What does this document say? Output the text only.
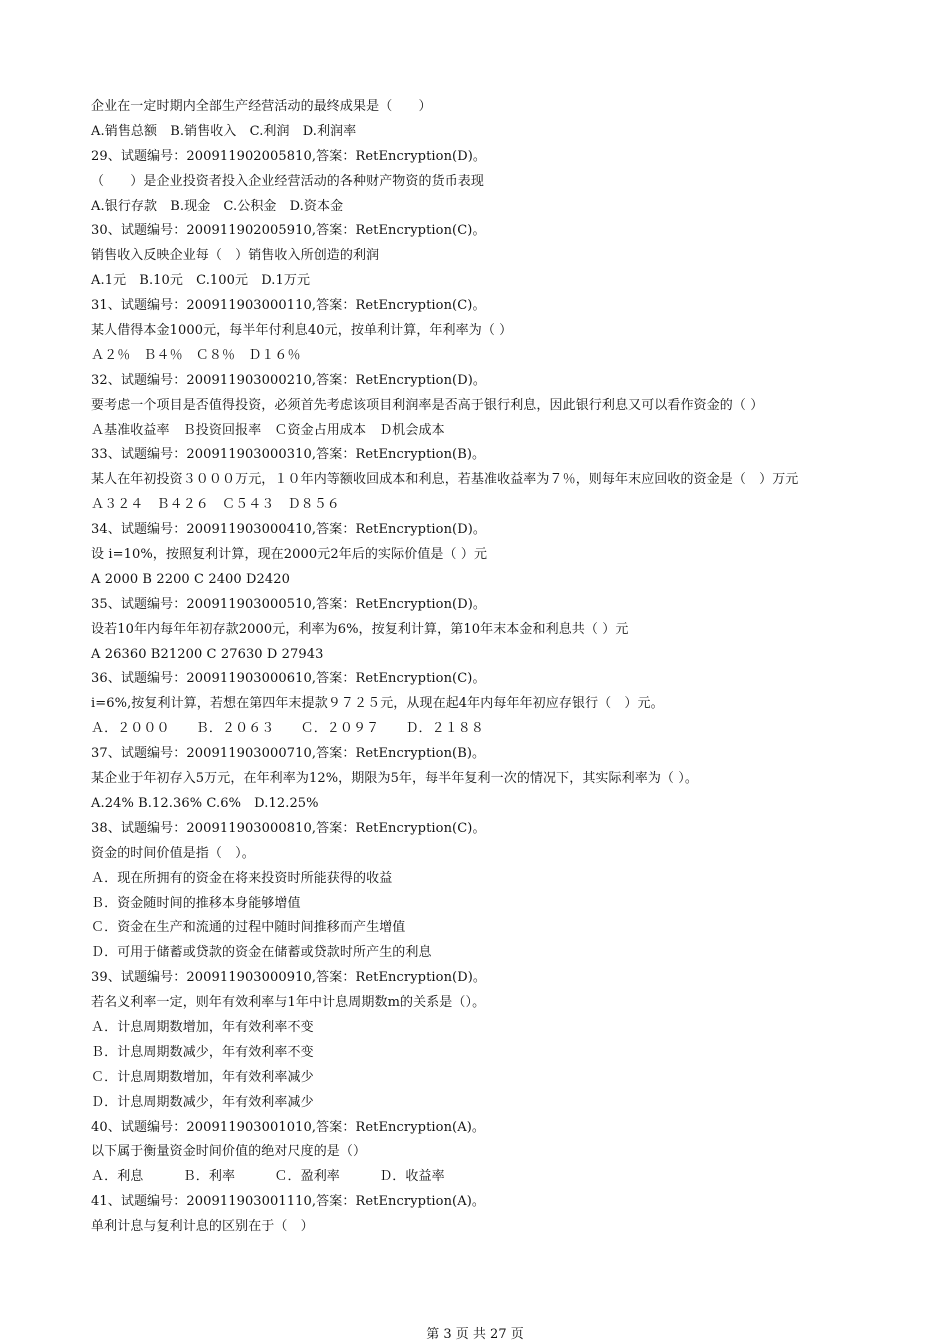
企业在一定时期内全部生产经营活动的最终成果是（　　）
A.销售总额　B.销售收入　C.利润　D.利润率
29、试题编号：200911902005810,答案：RetEncryption(D)。
（　　）是企业投资者投入企业经营活动的各种财产物资的货币表现
A.银行存款　B.现金　C.公积金　D.资本金
30、试题编号：200911902005910,答案：RetEncryption(C)。
销售收入反映企业每（　）销售收入所创造的利润
A.1元　B.10元　C.100元　D.1万元
31、试题编号：200911903000110,答案：RetEncryption(C)。
某人借得本金1000元，每半年付利息40元，按单利计算，年利率为（ ）
Ａ２％　Ｂ４％　Ｃ８％　Ｄ１６％
32、试题编号：200911903000210,答案：RetEncryption(D)。
要考虑一个项目是否值得投资，必须首先考虑该项目利润率是否高于银行利息，因此银行利息又可以看作资金的（ ）
Ａ基准收益率　Ｂ投资回报率　Ｃ资金占用成本　Ｄ机会成本
33、试题编号：200911903000310,答案：RetEncryption(B)。
某人在年初投资３０００万元，１０年内等额收回成本和利息，若基准收益率为７％，则每年末应回收的资金是（　）万元
Ａ３２４　Ｂ４２６　Ｃ５４３　Ｄ８５６
34、试题编号：200911903000410,答案：RetEncryption(D)。
设 i=10%，按照复利计算，现在2000元2年后的实际价值是（ ）元
A 2000 B 2200 C 2400 D2420
35、试题编号：200911903000510,答案：RetEncryption(D)。
设若10年内每年年初存款2000元，利率为6%，按复利计算，第10年末本金和利息共（ ）元
A 26360 B21200 C 27630 D 27943
36、试题编号：200911903000610,答案：RetEncryption(C)。
i=6%,按复利计算，若想在第四年末提款９７２５元，从现在起4年内每年年初应存银行（　）元。
Ａ．２０００　　Ｂ．２０６３　　Ｃ．２０９７　　Ｄ．２１８８
37、试题编号：200911903000710,答案：RetEncryption(B)。
某企业于年初存入5万元，在年利率为12%，期限为5年，每半年复利一次的情况下，其实际利率为（ ）。
A.24% B.12.36% C.6%　D.12.25%
38、试题编号：200911903000810,答案：RetEncryption(C)。
资金的时间价值是指（　）。
Ａ．现在所拥有的资金在将来投资时所能获得的收益
Ｂ．资金随时间的推移本身能够增值
Ｃ．资金在生产和流通的过程中随时间推移而产生增值
Ｄ．可用于储蓄或贷款的资金在储蓄或贷款时所产生的利息
39、试题编号：200911903000910,答案：RetEncryption(D)。
若名义利率一定，则年有效利率与1年中计息周期数m的关系是（）。
Ａ．计息周期数增加，年有效利率不变
Ｂ．计息周期数减少，年有效利率不变
Ｃ．计息周期数增加，年有效利率减少
Ｄ．计息周期数减少，年有效利率减少
40、试题编号：200911903001010,答案：RetEncryption(A)。
以下属于衡量资金时间价值的绝对尺度的是（）
Ａ．利息　　　Ｂ．利率　　　Ｃ．盈利率　　　Ｄ．收益率
41、试题编号：200911903001110,答案：RetEncryption(A)。
单利计息与复利计息的区别在于（　）
第 3 页 共 27 页
